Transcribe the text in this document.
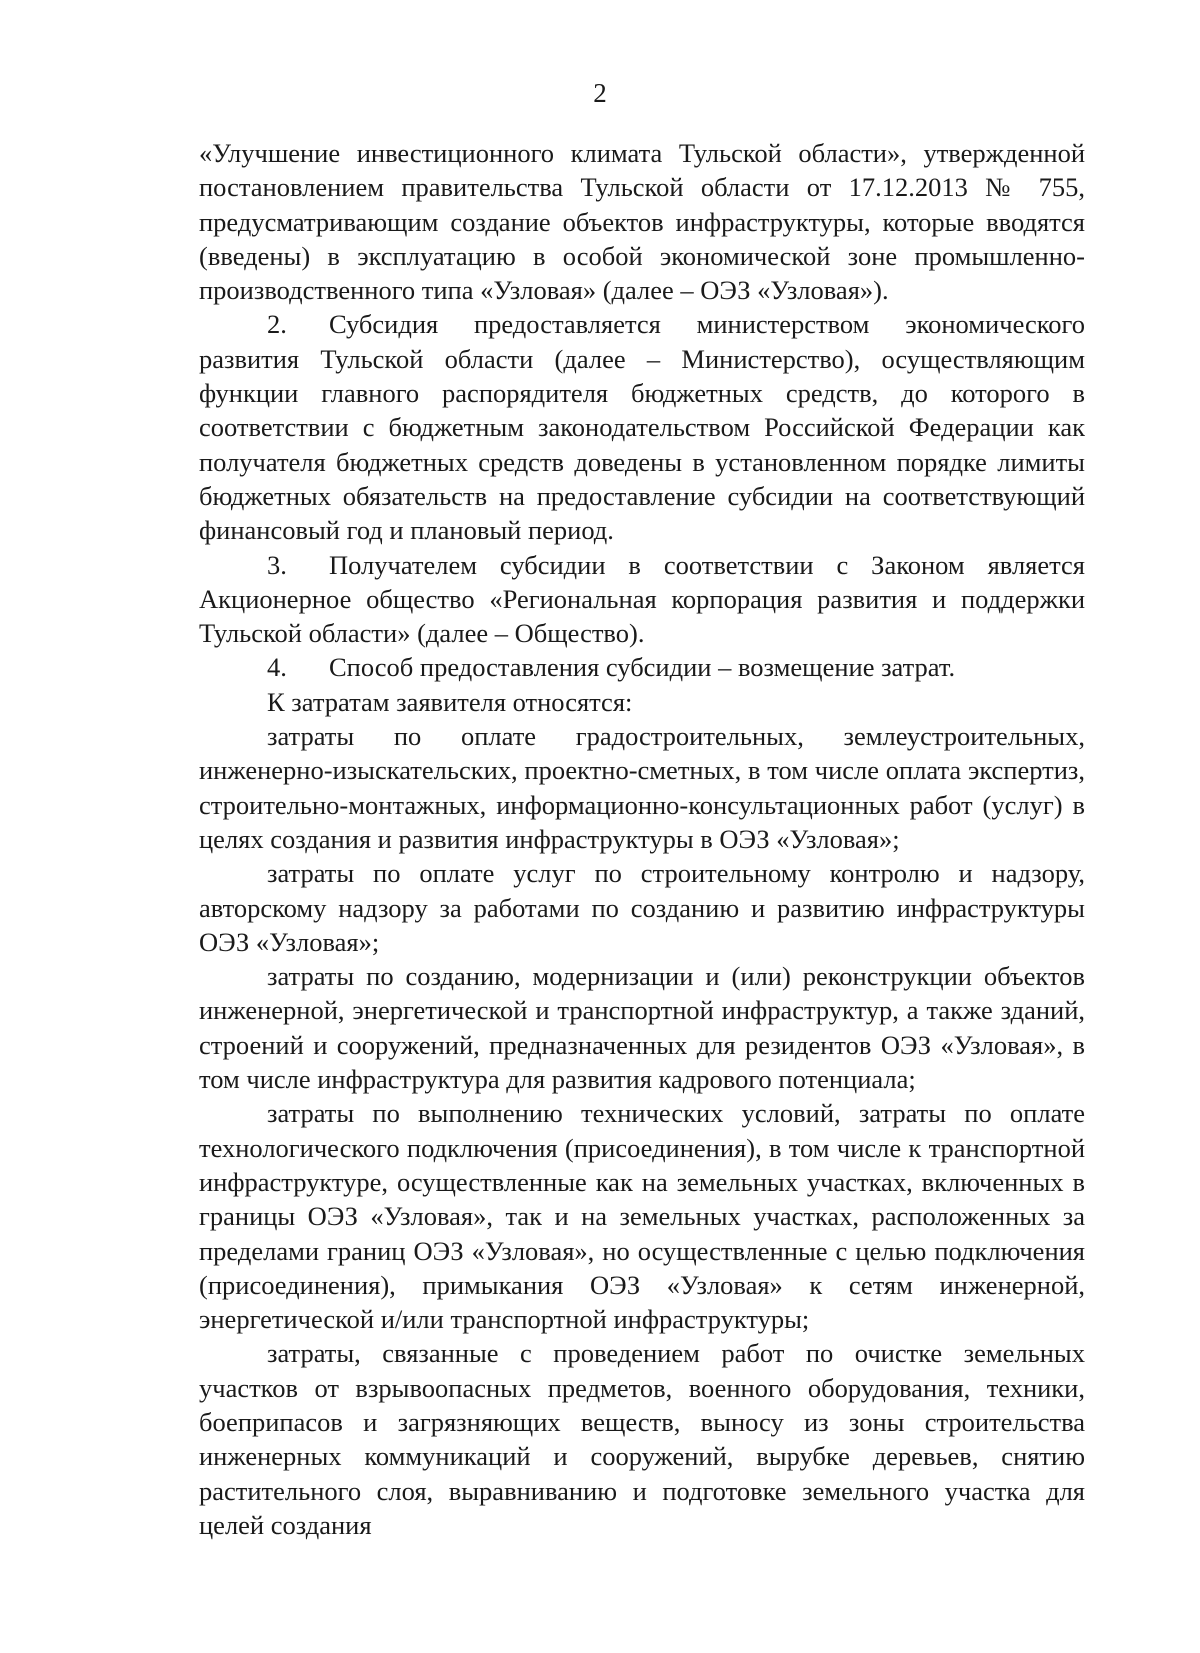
2

«Улучшение инвестиционного климата Тульской области», утвержденной постановлением правительства Тульской области от 17.12.2013 № 755, предусматривающим создание объектов инфраструктуры, которые вводятся (введены) в эксплуатацию в особой экономической зоне промышленно-производственного типа «Узловая» (далее – ОЭЗ «Узловая»).

2. Субсидия предоставляется министерством экономического развития Тульской области (далее – Министерство), осуществляющим функции главного распорядителя бюджетных средств, до которого в соответствии с бюджетным законодательством Российской Федерации как получателя бюджетных средств доведены в установленном порядке лимиты бюджетных обязательств на предоставление субсидии на соответствующий финансовый год и плановый период.

3. Получателем субсидии в соответствии с Законом является Акционерное общество «Региональная корпорация развития и поддержки Тульской области» (далее – Общество).

4. Способ предоставления субсидии – возмещение затрат.

К затратам заявителя относятся:

затраты по оплате градостроительных, землеустроительных, инженерно-изыскательских, проектно-сметных, в том числе оплата экспертиз, строительно-монтажных, информационно-консультационных работ (услуг) в целях создания и развития инфраструктуры в ОЭЗ «Узловая»;

затраты по оплате услуг по строительному контролю и надзору, авторскому надзору за работами по созданию и развитию инфраструктуры ОЭЗ «Узловая»;

затраты по созданию, модернизации и (или) реконструкции объектов инженерной, энергетической и транспортной инфраструктур, а также зданий, строений и сооружений, предназначенных для резидентов ОЭЗ «Узловая», в том числе инфраструктура для развития кадрового потенциала;

затраты по выполнению технических условий, затраты по оплате технологического подключения (присоединения), в том числе к транспортной инфраструктуре, осуществленные как на земельных участках, включенных в границы ОЭЗ «Узловая», так и на земельных участках, расположенных за пределами границ ОЭЗ «Узловая», но осуществленные с целью подключения (присоединения), примыкания ОЭЗ «Узловая» к сетям инженерной, энергетической и/или транспортной инфраструктуры;

затраты, связанные с проведением работ по очистке земельных участков от взрывоопасных предметов, военного оборудования, техники, боеприпасов и загрязняющих веществ, выносу из зоны строительства инженерных коммуникаций и сооружений, вырубке деревьев, снятию растительного слоя, выравниванию и подготовке земельного участка для целей создания
